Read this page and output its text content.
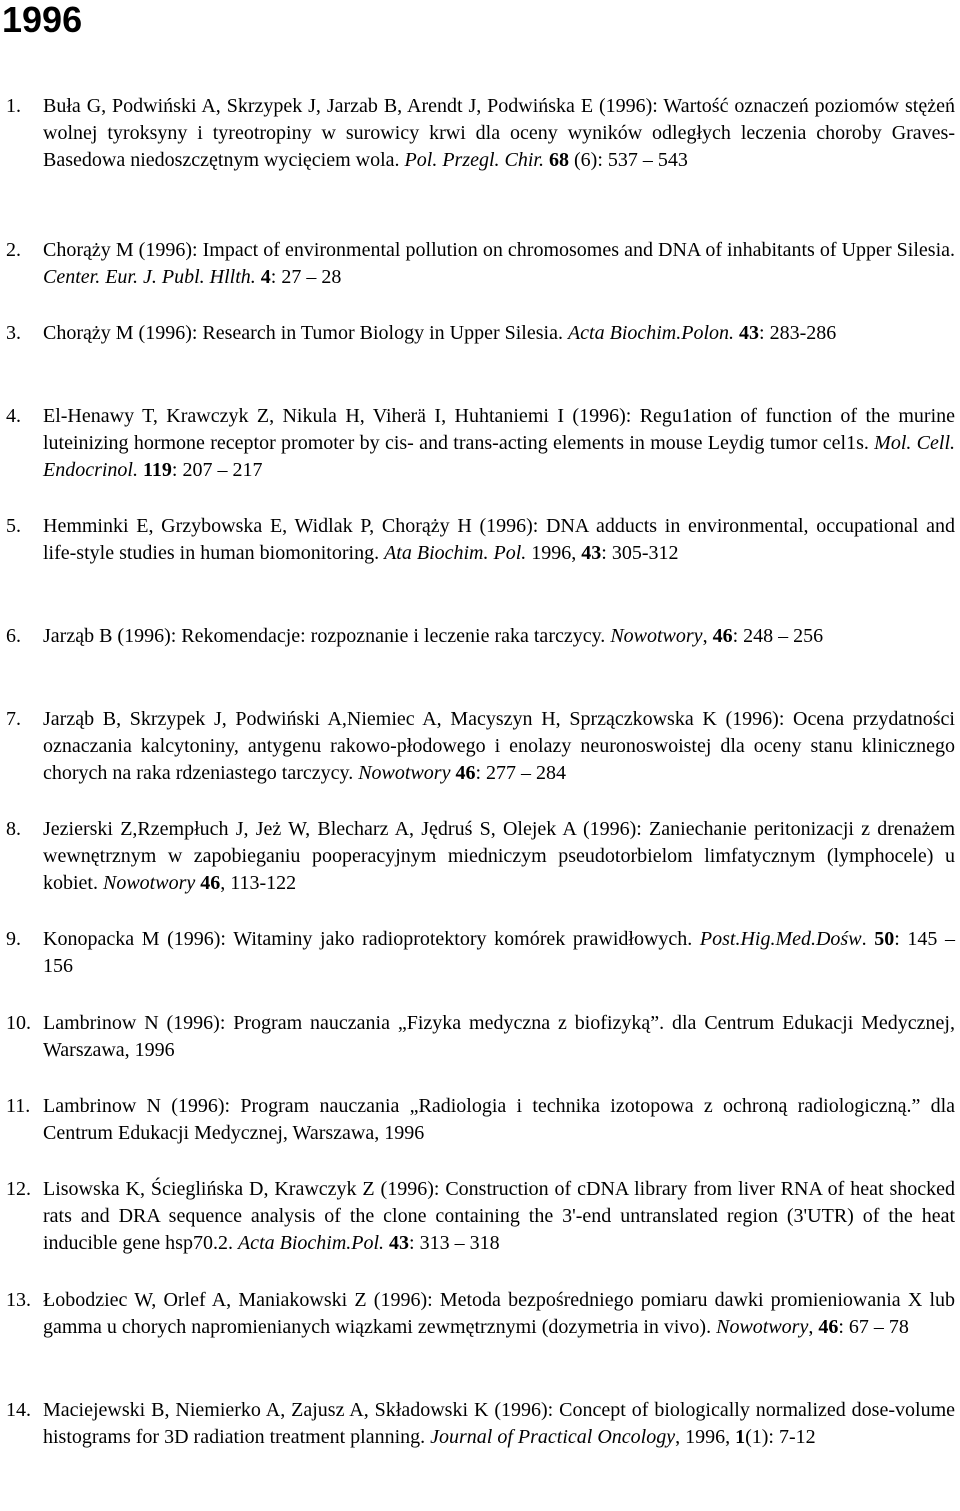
1996
1. Buła G, Podwiński A, Skrzypek J, Jarzab B, Arendt J, Podwińska E (1996): Wartość oznaczeń poziomów stężeń wolnej tyroksyny i tyreotropiny w surowicy krwi dla oceny wyników odległych leczenia choroby Graves-Basedowa niedoszczętnym wycięciem wola. Pol. Przegl. Chir. 68 (6): 537 – 543
2. Chorąży M (1996): Impact of environmental pollution on chromosomes and DNA of inhabitants of Upper Silesia. Center. Eur. J. Publ. Hllth. 4: 27 – 28
3. Chorąży M (1996): Research in Tumor Biology in Upper Silesia. Acta Biochim.Polon. 43: 283-286
4. El-Henawy T, Krawczyk Z, Nikula H, Viherä I, Huhtaniemi I (1996): Regu1ation of function of the murine luteinizing hormone receptor promoter by cis- and trans-acting elements in mouse Leydig tumor cel1s. Mol. Cell. Endocrinol. 119: 207 – 217
5. Hemminki E, Grzybowska E, Widlak P, Chorąży H (1996): DNA adducts in environmental, occupational and life-style studies in human biomonitoring. Ata Biochim. Pol. 1996, 43: 305-312
6. Jarząb B (1996): Rekomendacje: rozpoznanie i leczenie raka tarczycy. Nowotwory, 46: 248 – 256
7. Jarząb B, Skrzypek J, Podwiński A,Niemiec A, Macyszyn H, Sprzączkowska K (1996): Ocena przydatności oznaczania kalcytoniny, antygenu rakowo-płodowego i enolazy neuronoswoistej dla oceny stanu klinicznego chorych na raka rdzeniastego tarczycy. Nowotwory 46: 277 – 284
8. Jezierski Z,Rzempłuch J, Jeż W, Blecharz A, Jędruś S, Olejek A (1996): Zaniechanie peritonizacji z drenażem wewnętrznym w zapobieganiu pooperacyjnym miedniczym pseudotorbielom limfatycznym (lymphocele) u kobiet. Nowotwory 46, 113-122
9. Konopacka M (1996): Witaminy jako radioprotektory komórek prawidłowych. Post.Hig.Med.Dośw. 50: 145 – 156
10. Lambrinow N (1996): Program nauczania „Fizyka medyczna z biofizyką”. dla Centrum Edukacji Medycznej, Warszawa, 1996
11. Lambrinow N (1996): Program nauczania „Radiologia i technika izotopowa z ochroną radiologiczną.” dla Centrum Edukacji Medycznej, Warszawa, 1996
12. Lisowska K, Ścieglińska D, Krawczyk Z (1996): Construction of cDNA library from liver RNA of heat shocked rats and DRA sequence analysis of the clone containing the 3'-end untranslated region (3'UTR) of the heat inducible gene hsp70.2. Acta Biochim.Pol. 43: 313 – 318
13. Łobodziec W, Orlef A, Maniakowski Z (1996): Metoda bezpośredniego pomiaru dawki promieniowania X lub gamma u chorych napromienianych wiązkami zewmętrznymi (dozymetria in vivo). Nowotwory, 46: 67 – 78
14. Maciejewski B, Niemierko A, Zajusz A, Składowski K (1996): Concept of biologically normalized dose-volume histograms for 3D radiation treatment planning. Journal of Practical Oncology, 1996, 1(1): 7-12
